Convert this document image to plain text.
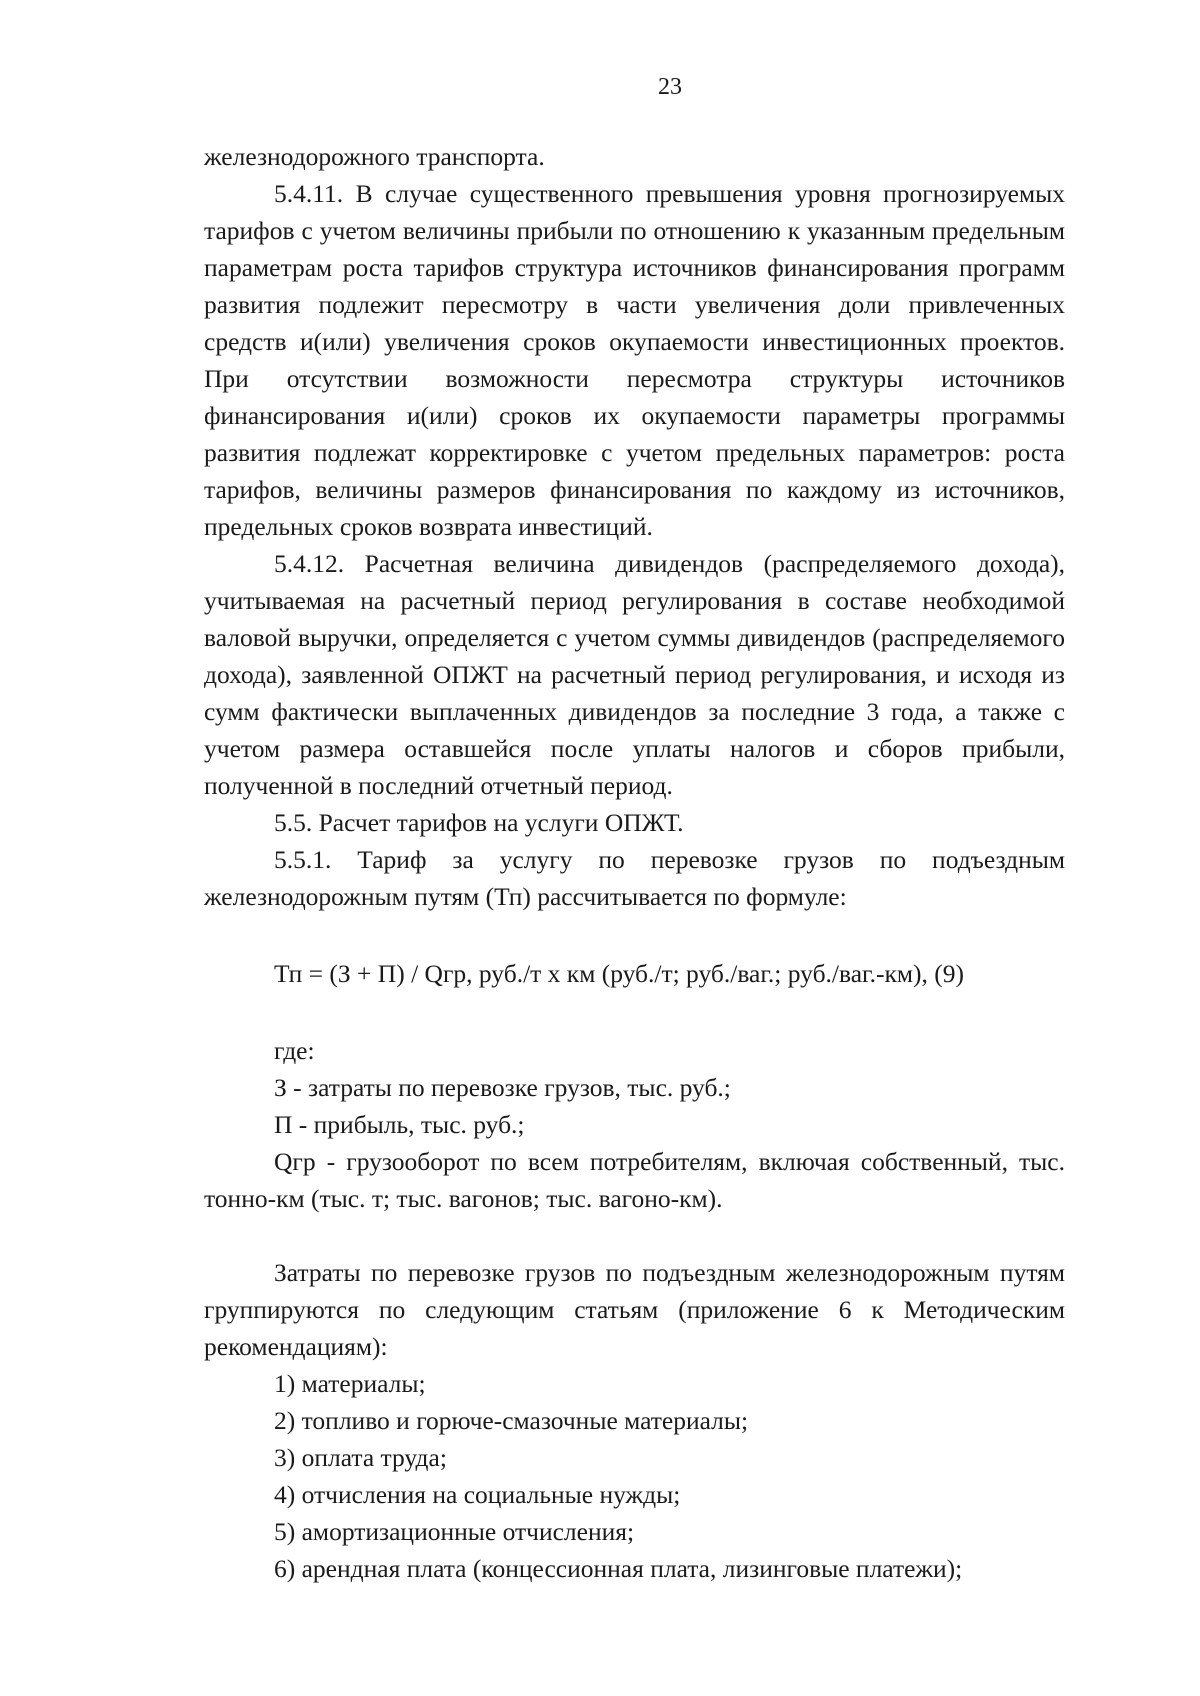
23

железнодорожного транспорта.

5.4.11. В случае существенного превышения уровня прогнозируемых тарифов с учетом величины прибыли по отношению к указанным предельным параметрам роста тарифов структура источников финансирования программ развития подлежит пересмотру в части увеличения доли привлеченных средств и(или) увеличения сроков окупаемости инвестиционных проектов. При отсутствии возможности пересмотра структуры источников финансирования и(или) сроков их окупаемости параметры программы развития подлежат корректировке с учетом предельных параметров: роста тарифов, величины размеров финансирования по каждому из источников, предельных сроков возврата инвестиций.

5.4.12. Расчетная величина дивидендов (распределяемого дохода), учитываемая на расчетный период регулирования в составе необходимой валовой выручки, определяется с учетом суммы дивидендов (распределяемого дохода), заявленной ОПЖТ на расчетный период регулирования, и исходя из сумм фактически выплаченных дивидендов за последние 3 года, а также с учетом размера оставшейся после уплаты налогов и сборов прибыли, полученной в последний отчетный период.

5.5. Расчет тарифов на услуги ОПЖТ.

5.5.1. Тариф за услугу по перевозке грузов по подъездным железнодорожным путям (Тп) рассчитывается по формуле:

Тп = (З + П) / Qгр, руб./т х км (руб./т; руб./ваг.; руб./ваг.-км), (9)

где:

З - затраты по перевозке грузов, тыс. руб.;

П - прибыль, тыс. руб.;

Qгр - грузооборот по всем потребителям, включая собственный, тыс. тонно-км (тыс. т; тыс. вагонов; тыс. вагоно-км).

Затраты по перевозке грузов по подъездным железнодорожным путям группируются по следующим статьям (приложение 6 к Методическим рекомендациям):

1) материалы;

2) топливо и горюче-смазочные материалы;

3) оплата труда;

4) отчисления на социальные нужды;

5) амортизационные отчисления;

6) арендная плата (концессионная плата, лизинговые платежи);
